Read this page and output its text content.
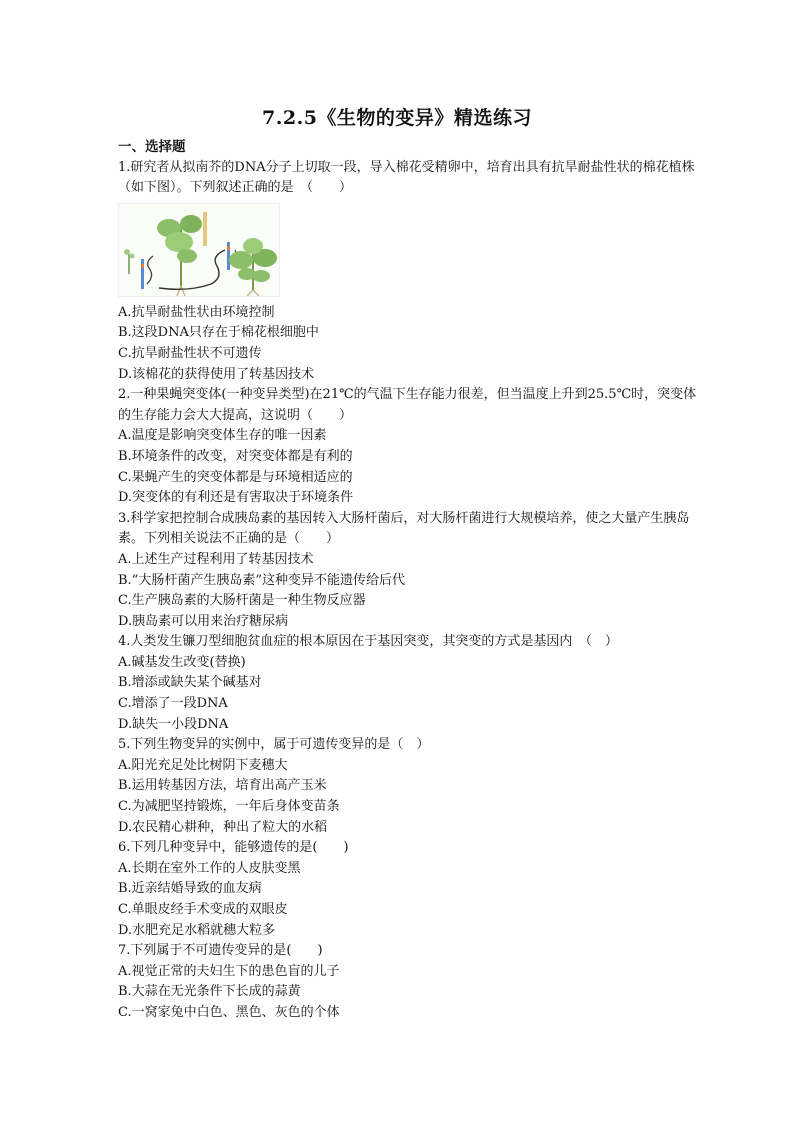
7.2.5《生物的变异》精选练习
一、选择题
1.研究者从拟南芥的DNA分子上切取一段，导入棉花受精卵中，培育出具有抗旱耐盐性状的棉花植株（如下图）。下列叙述正确的是　（　　）
A.抗旱耐盐性状由环境控制
B.这段DNA只存在于棉花根细胞中
C.抗旱耐盐性状不可遗传
D.该棉花的获得使用了转基因技术
2.一种果蝇突变体(一种变异类型)在21℃的气温下生存能力很差，但当温度上升到25.5℃时，突变体的生存能力会大大提高，这说明（　　）
A.温度是影响突变体生存的唯一因素
B.环境条件的改变，对突变体都是有利的
C.果蝇产生的突变体都是与环境相适应的
D.突变体的有利还是有害取决于环境条件
3.科学家把控制合成胰岛素的基因转入大肠杆菌后，对大肠杆菌进行大规模培养，使之大量产生胰岛素。下列相关说法不正确的是（　　）
A.上述生产过程利用了转基因技术
B.“大肠杆菌产生胰岛素”这种变异不能遗传给后代
C.生产胰岛素的大肠杆菌是一种生物反应器
D.胰岛素可以用来治疗糖尿病
4.人类发生镰刀型细胞贫血症的根本原因在于基因突变，其突变的方式是基因内　（　）
A.碱基发生改变(替换)
B.增添或缺失某个碱基对
C.增添了一段DNA
D.缺失一小段DNA
5.下列生物变异的实例中，属于可遗传变异的是（　）
A.阳光充足处比树阴下麦穗大
B.运用转基因方法，培育出高产玉米
C.为减肥坚持锻炼，一年后身体变苗条
D.农民精心耕种，种出了粒大的水稻
6.下列几种变异中，能够遗传的是(　　)
A.长期在室外工作的人皮肤变黑
B.近亲结婚导致的血友病
C.单眼皮经手术变成的双眼皮
D.水肥充足水稻就穗大粒多
7.下列属于不可遗传变异的是(　　)
A.视觉正常的夫妇生下的患色盲的儿子
B.大蒜在无光条件下长成的蒜黄
C.一窝家兔中白色、黑色、灰色的个体
